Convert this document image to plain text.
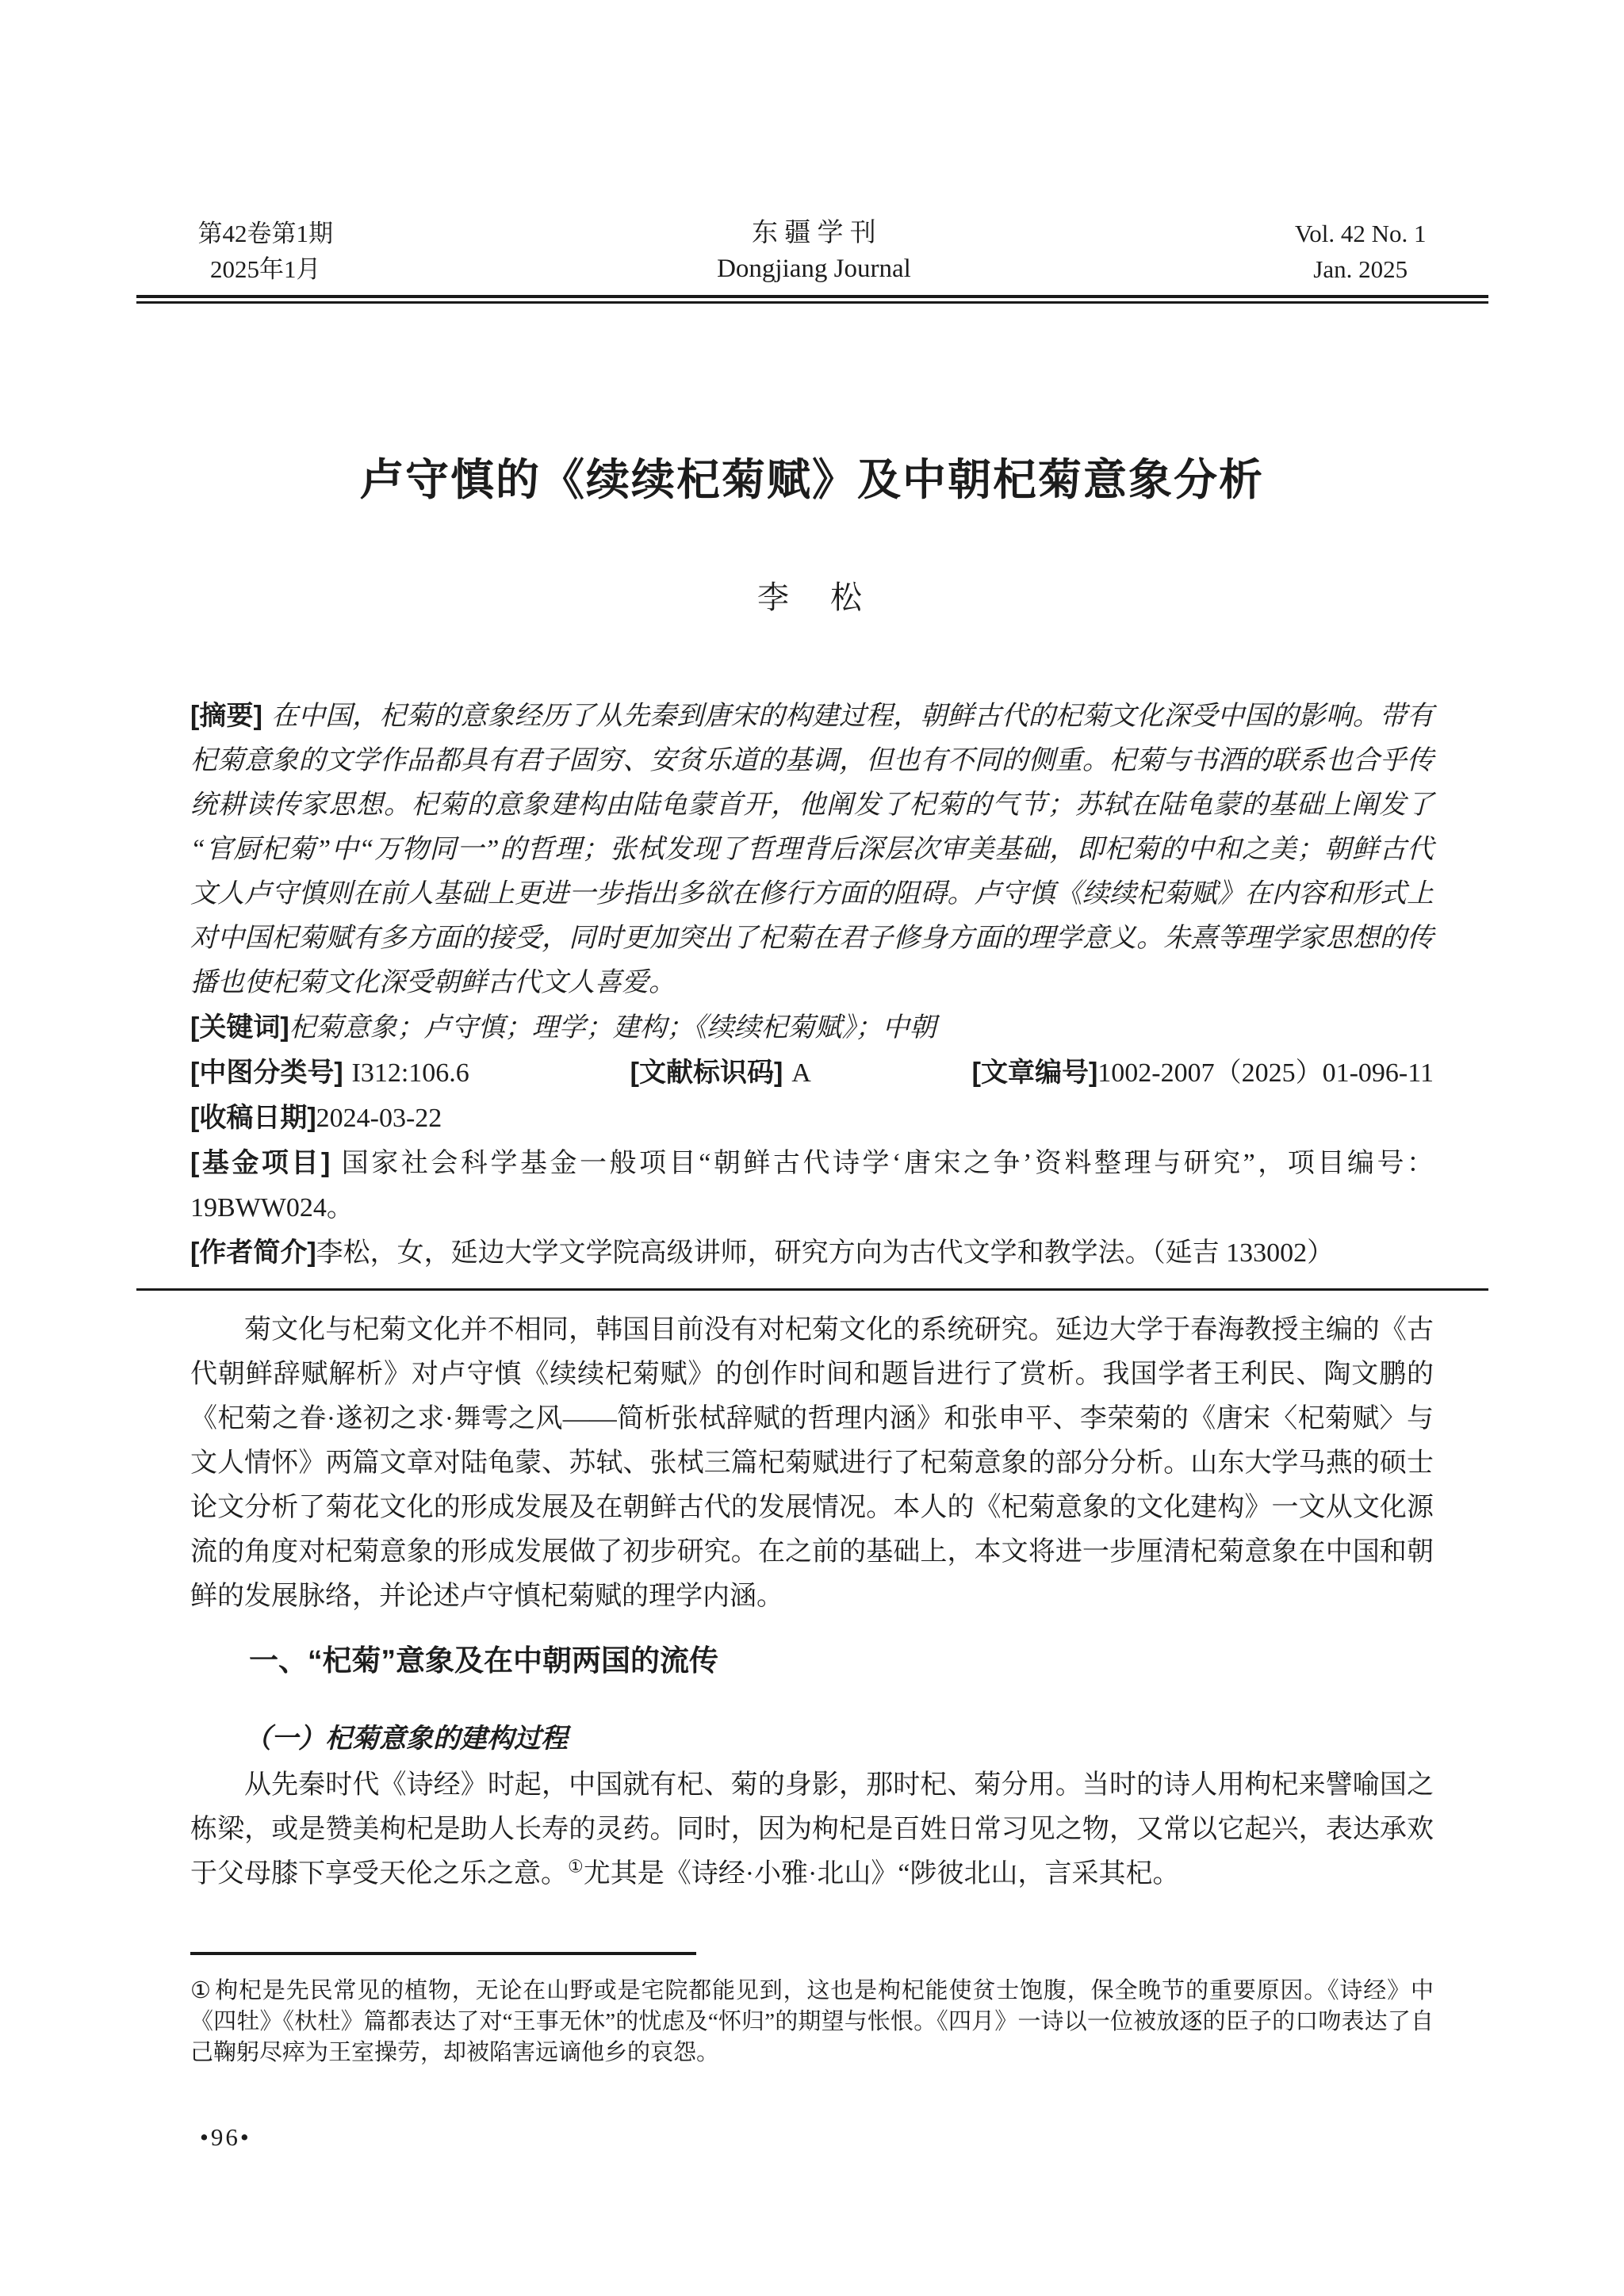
第42卷第1期
2025年1月
东 疆 学 刊
Dongjiang Journal
Vol. 42 No. 1
Jan. 2025
卢守慎的《续续杞菊赋》及中朝杞菊意象分析
李　松

[摘要] 在中国，杞菊的意象经历了从先秦到唐宋的构建过程，朝鲜古代的杞菊文化深受中国的影响。带有杞菊意象的文学作品都具有君子固穷、安贫乐道的基调，但也有不同的侧重。杞菊与书酒的联系也合乎传统耕读传家思想。杞菊的意象建构由陆龟蒙首开，他阐发了杞菊的气节；苏轼在陆龟蒙的基础上阐发了“官厨杞菊”中“万物同一”的哲理；张栻发现了哲理背后深层次审美基础，即杞菊的中和之美；朝鲜古代文人卢守慎则在前人基础上更进一步指出多欲在修行方面的阻碍。卢守慎《续续杞菊赋》在内容和形式上对中国杞菊赋有多方面的接受，同时更加突出了杞菊在君子修身方面的理学意义。朱熹等理学家思想的传播也使杞菊文化深受朝鲜古代文人喜爱。

[关键词]杞菊意象；卢守慎；理学；建构；《续续杞菊赋》；中朝

[中图分类号] I312:106.6	[文献标识码] A	[文章编号]1002-2007（2025）01-096-11

[收稿日期]2024-03-22

[基金项目] 国家社会科学基金一般项目“朝鲜古代诗学‘唐宋之争’资料整理与研究”，项目编号：19BWW024。

[作者简介]李松，女，延边大学文学院高级讲师，研究方向为古代文学和教学法。（延吉 133002）

菊文化与杞菊文化并不相同，韩国目前没有对杞菊文化的系统研究。延边大学于春海教授主编的《古代朝鲜辞赋解析》对卢守慎《续续杞菊赋》的创作时间和题旨进行了赏析。我国学者王利民、陶文鹏的《杞菊之眷·遂初之求·舞雩之风——简析张栻辞赋的哲理内涵》和张申平、李荣菊的《唐宋〈杞菊赋〉与文人情怀》两篇文章对陆龟蒙、苏轼、张栻三篇杞菊赋进行了杞菊意象的部分分析。山东大学马燕的硕士论文分析了菊花文化的形成发展及在朝鲜古代的发展情况。本人的《杞菊意象的文化建构》一文从文化源流的角度对杞菊意象的形成发展做了初步研究。在之前的基础上，本文将进一步厘清杞菊意象在中国和朝鲜的发展脉络，并论述卢守慎杞菊赋的理学内涵。

一、“杞菊”意象及在中朝两国的流传
（一）杞菊意象的建构过程

从先秦时代《诗经》时起，中国就有杞、菊的身影，那时杞、菊分用。当时的诗人用枸杞来譬喻国之栋梁，或是赞美枸杞是助人长寿的灵药。同时，因为枸杞是百姓日常习见之物，又常以它起兴，表达承欢于父母膝下享受天伦之乐之意。①尤其是《诗经·小雅·北山》“陟彼北山，言采其杞。

① 枸杞是先民常见的植物，无论在山野或是宅院都能见到，这也是枸杞能使贫士饱腹，保全晚节的重要原因。《诗经》中《四牡》《杕杜》篇都表达了对“王事无休”的忧虑及“怀归”的期望与怅恨。《四月》一诗以一位被放逐的臣子的口吻表达了自己鞠躬尽瘁为王室操劳，却被陷害远谪他乡的哀怨。

•96•
